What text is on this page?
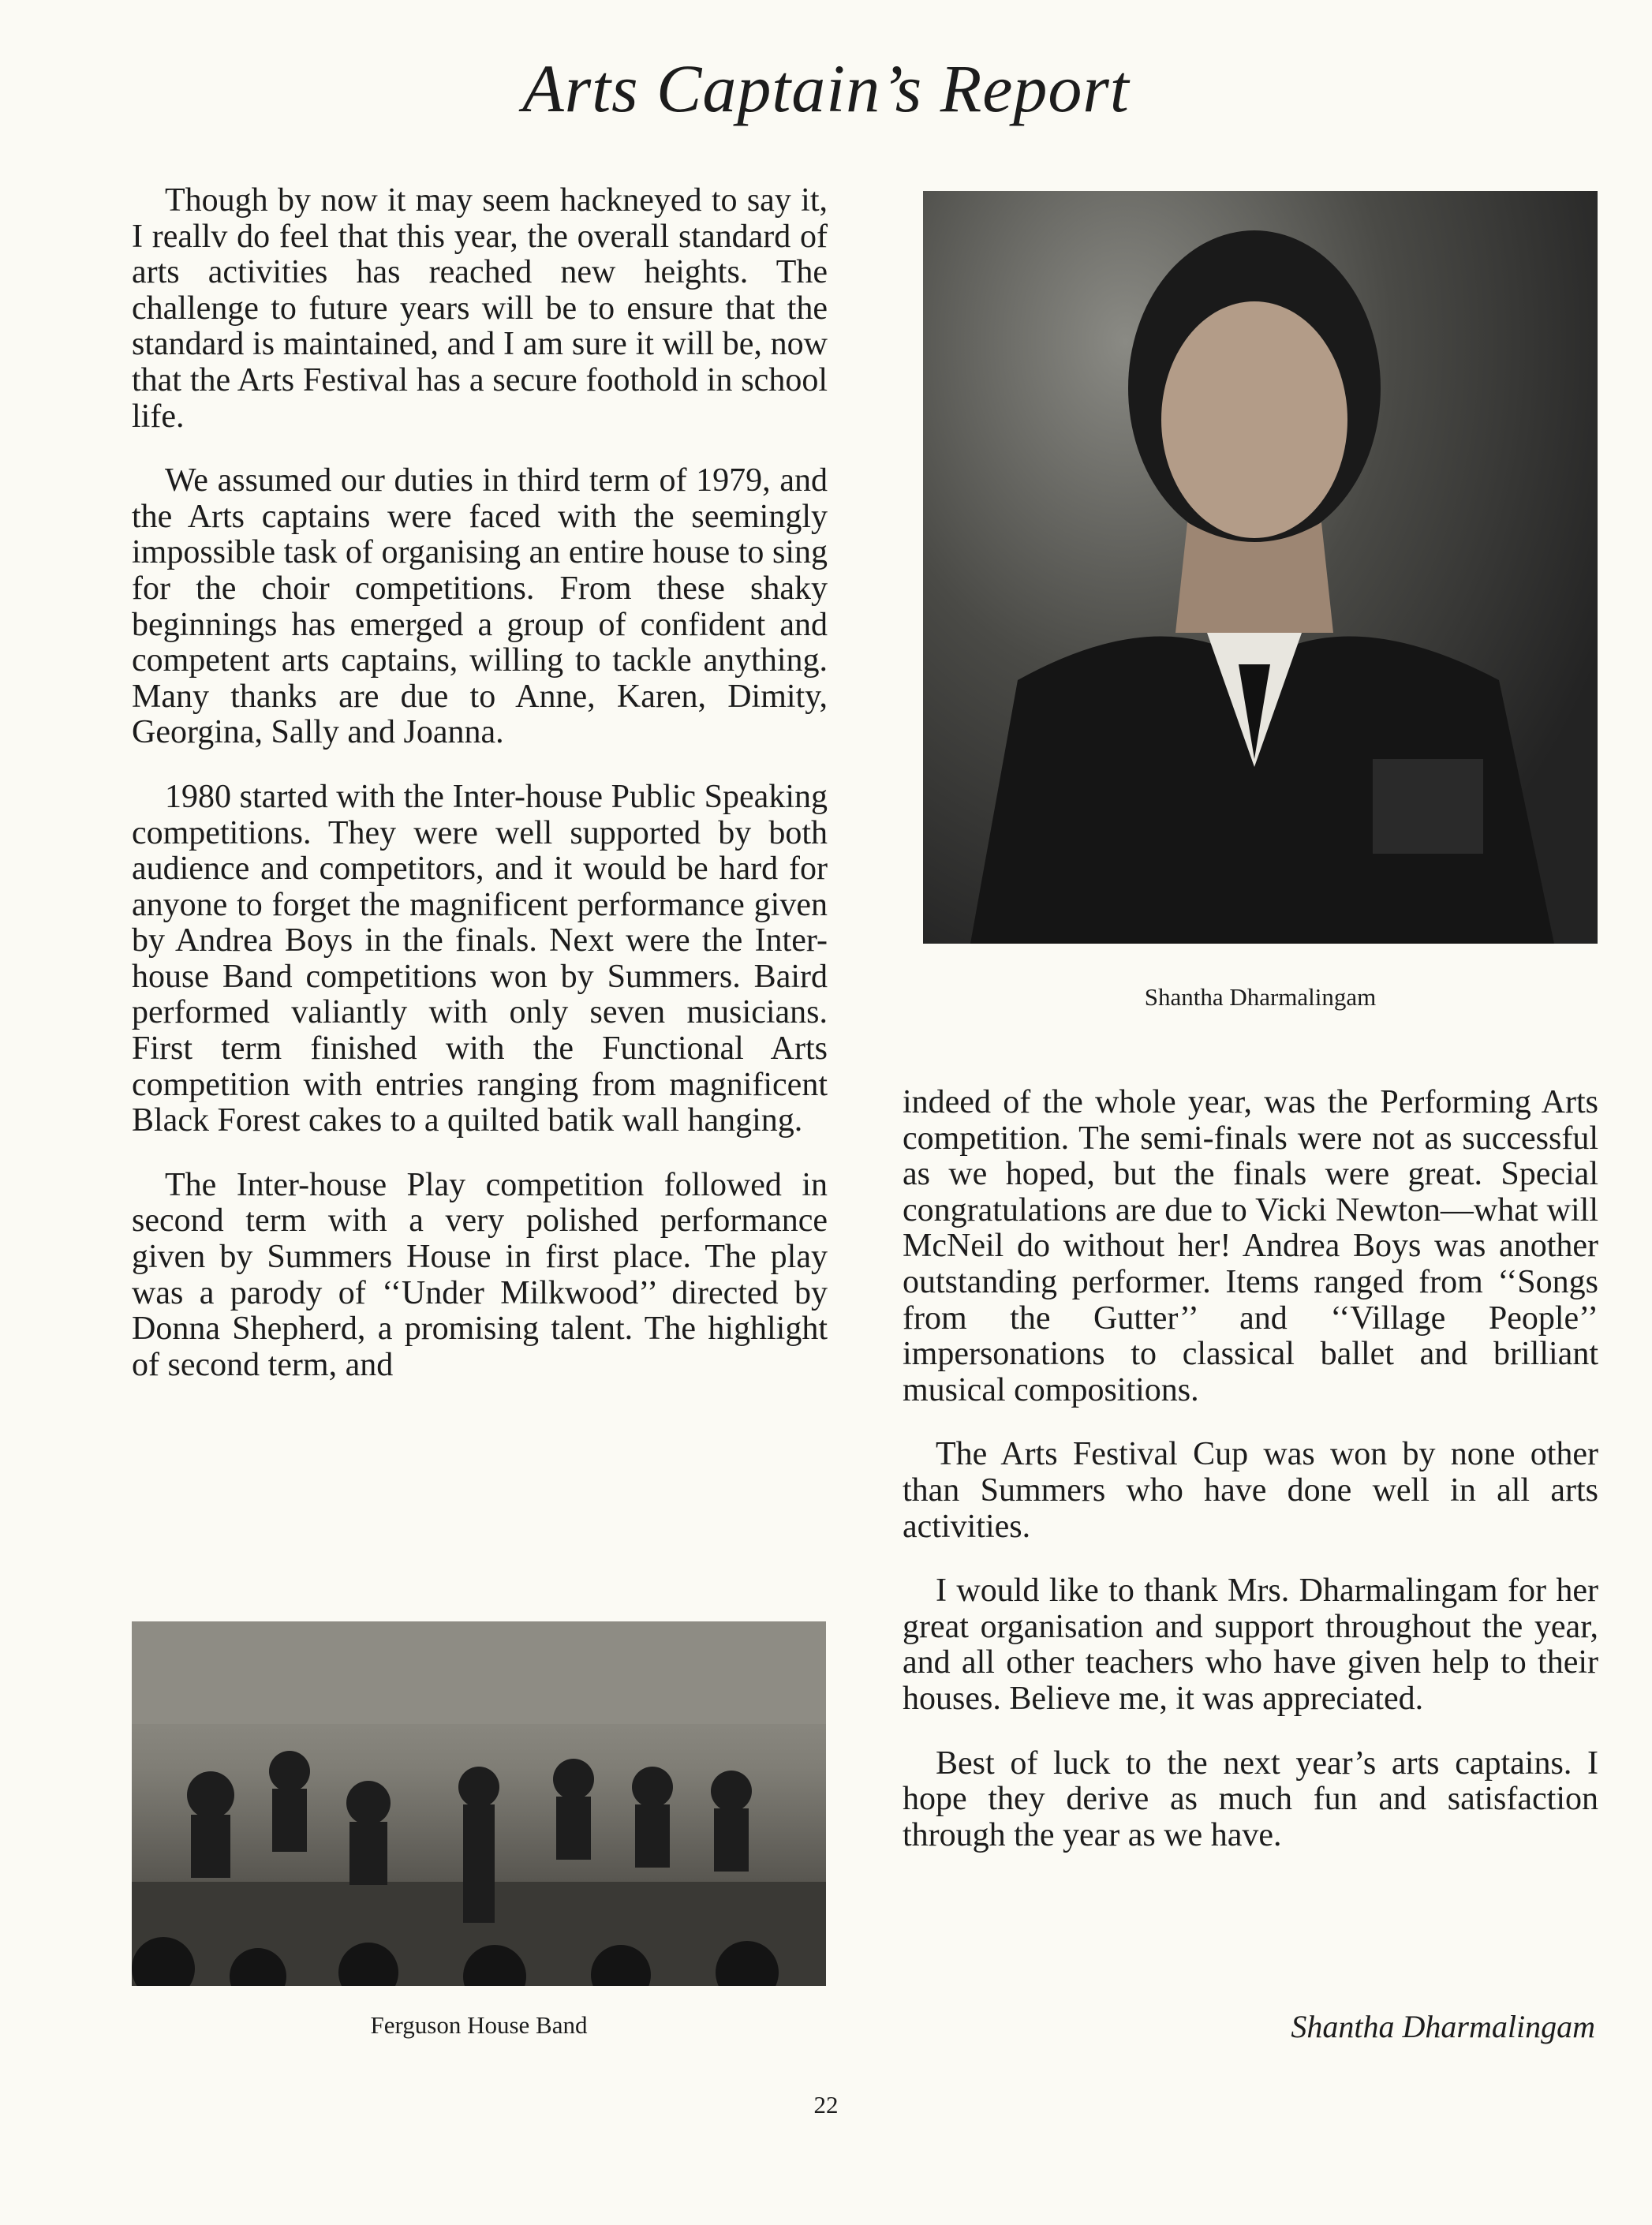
Arts Captain’s Report

Though by now it may seem hackneyed to say it, I reallv do feel that this year, the overall standard of arts activities has reached new heights. The challenge to future years will be to ensure that the standard is maintained, and I am sure it will be, now that the Arts Festival has a secure foothold in school life.

We assumed our duties in third term of 1979, and the Arts captains were faced with the seemingly impossible task of organising an entire house to sing for the choir competitions. From these shaky beginnings has emerged a group of confident and competent arts captains, willing to tackle anything. Many thanks are due to Anne, Karen, Dimity, Georgina, Sally and Joanna.

1980 started with the Inter-house Public Speaking competitions. They were well supported by both audience and competitors, and it would be hard for anyone to forget the magnificent performance given by Andrea Boys in the finals. Next were the Inter-house Band competitions won by Summers. Baird performed valiantly with only seven musicians. First term finished with the Functional Arts competition with entries ranging from magnificent Black Forest cakes to a quilted batik wall hanging.

The Inter-house Play competition followed in second term with a very polished performance given by Summers House in first place. The play was a parody of ‘‘Under Milkwood’’ directed by Donna Shepherd, a promising talent. The highlight of second term, and

Shantha Dharmalingam

indeed of the whole year, was the Performing Arts competition. The semi-finals were not as successful as we hoped, but the finals were great. Special congratulations are due to Vicki Newton—what will McNeil do without her! Andrea Boys was another outstanding performer. Items ranged from ‘‘Songs from the Gutter’’ and ‘‘Village People’’ impersonations to classical ballet and brilliant musical compositions.

The Arts Festival Cup was won by none other than Summers who have done well in all arts activities.

I would like to thank Mrs. Dharmalingam for her great organisation and support throughout the year, and all other teachers who have given help to their houses. Believe me, it was appreciated.

Best of luck to the next year’s arts captains. I hope they derive as much fun and satisfaction through the year as we have.

Ferguson House Band	Shantha Dharmalingam
22
